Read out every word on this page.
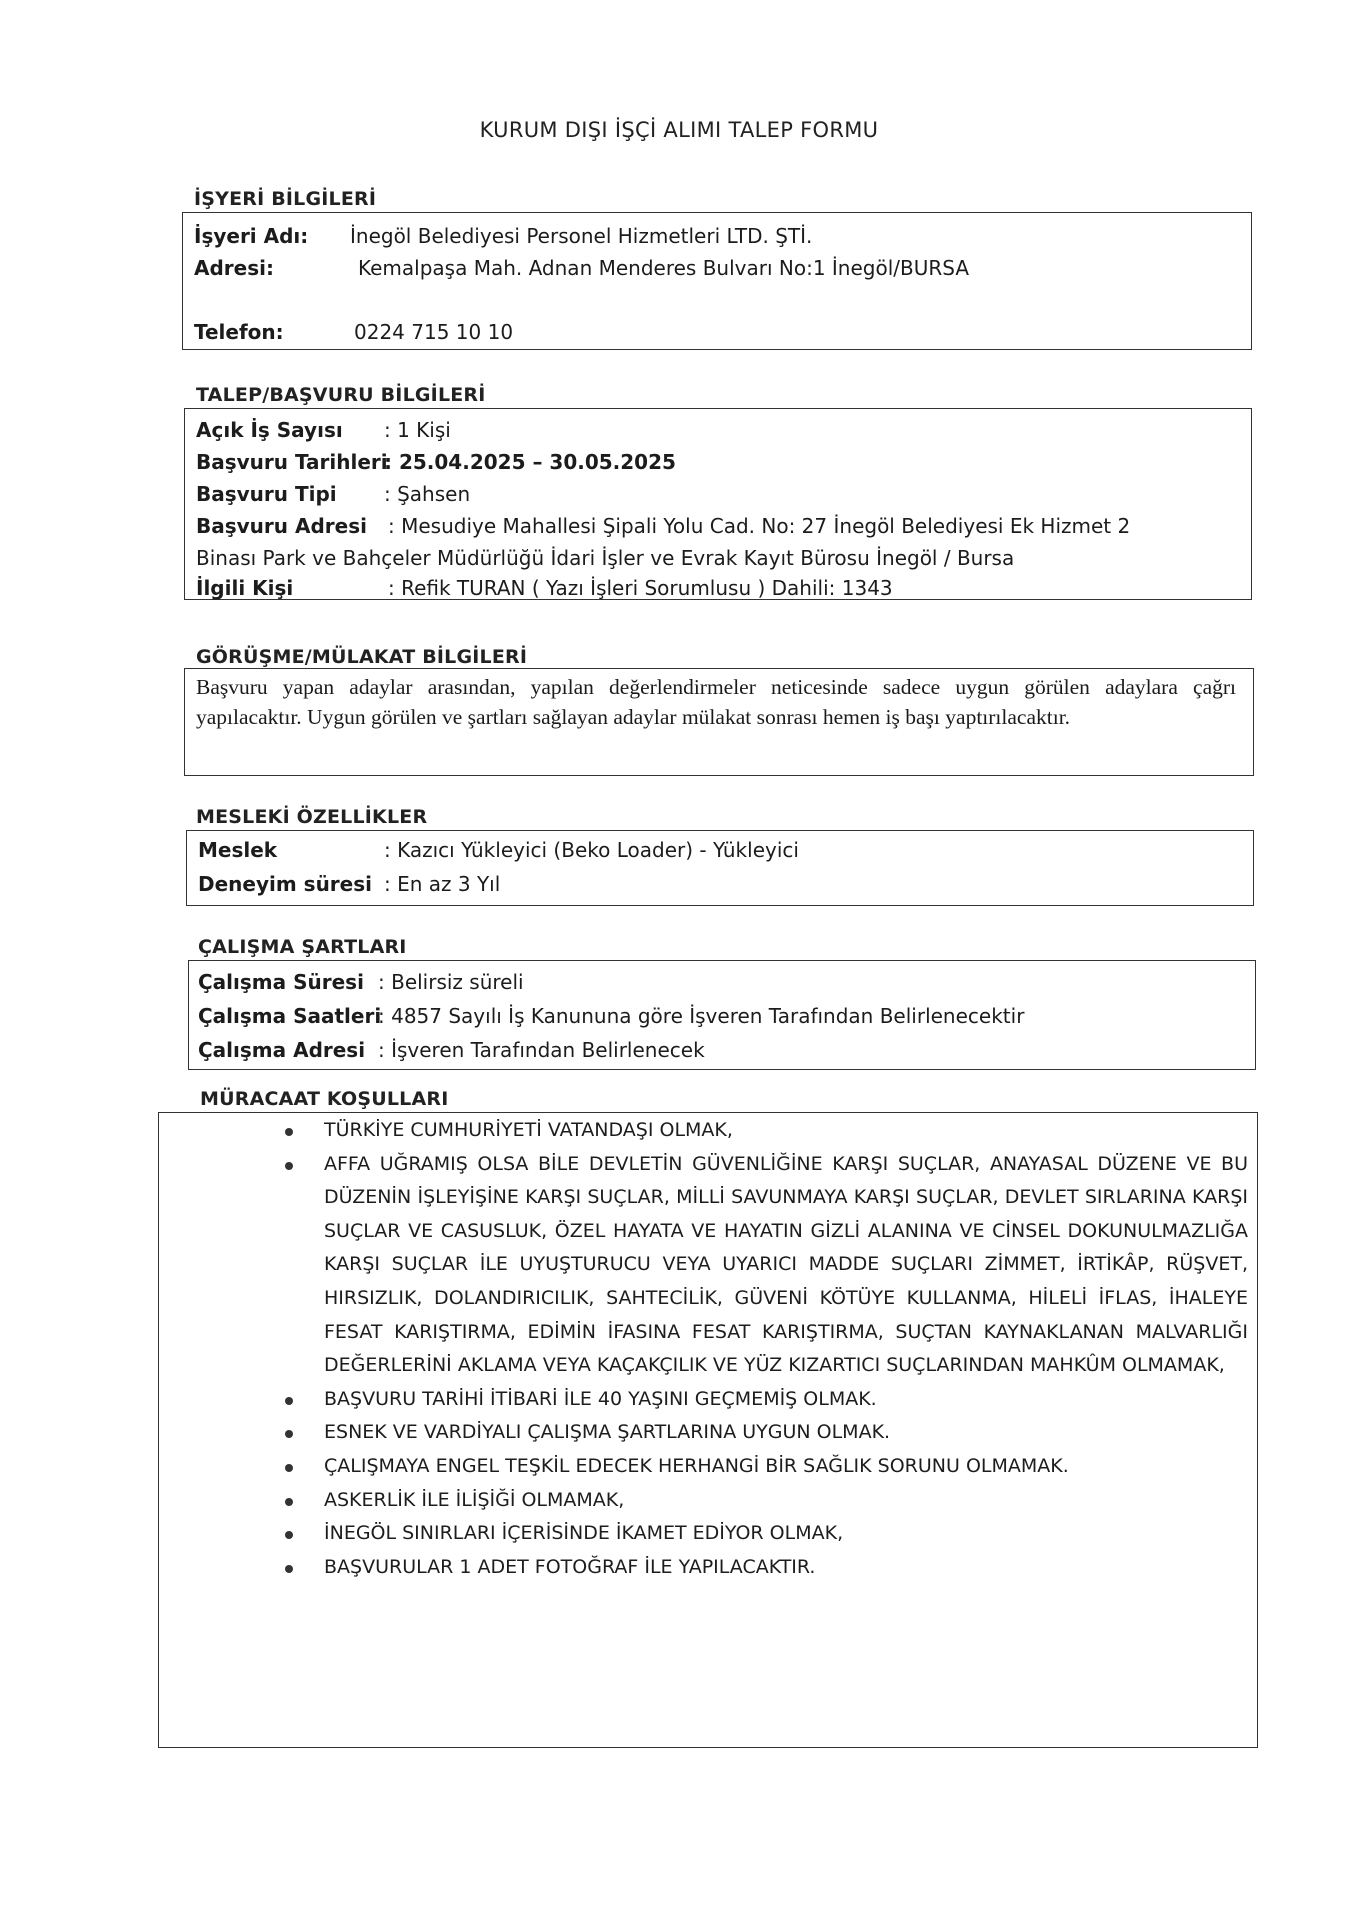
KURUM DIŞI İŞÇİ ALIMI TALEP FORMU
İŞYERİ BİLGİLERİ
İşyeri Adı: İnegöl Belediyesi Personel Hizmetleri LTD. ŞTİ.
Adresi:	Kemalpaşa Mah. Adnan Menderes Bulvarı No:1 İnegöl/BURSA
Telefon:	0224 715 10 10
TALEP/BAŞVURU BİLGİLERİ
Açık İş Sayısı : 1 Kişi
Başvuru Tarihleri: 25.04.2025 – 30.05.2025
Başvuru Tipi : Şahsen
Başvuru Adresi : Mesudiye Mahallesi Şipali Yolu Cad. No: 27 İnegöl Belediyesi Ek Hizmet 2
Binası Park ve Bahçeler Müdürlüğü İdari İşler ve Evrak Kayıt Bürosu İnegöl / Bursa
İlgili Kişi	: Refik TURAN ( Yazı İşleri Sorumlusu ) Dahili: 1343
GÖRÜŞME/MÜLAKAT BİLGİLERİ
Başvuru yapan adaylar arasından, yapılan değerlendirmeler neticesinde sadece uygun görülen adaylara çağrı yapılacaktır. Uygun görülen ve şartları sağlayan adaylar mülakat sonrası hemen iş başı yaptırılacaktır.
MESLEKİ ÖZELLİKLER
Meslek	: Kazıcı Yükleyici (Beko Loader) - Yükleyici
Deneyim süresi : En az 3 Yıl
ÇALIŞMA ŞARTLARI
Çalışma Süresi : Belirsiz süreli
Çalışma Saatleri: 4857 Sayılı İş Kanununa göre İşveren Tarafından Belirlenecektir
Çalışma Adresi : İşveren Tarafından Belirlenecek
MÜRACAAT KOŞULLARI
TÜRKİYE CUMHURİYETİ VATANDAŞI OLMAK,
AFFA UĞRAMIŞ OLSA BİLE DEVLETİN GÜVENLİĞİNE KARŞI SUÇLAR, ANAYASAL DÜZENE VE BU DÜZENİN İŞLEYİŞİNE KARŞI SUÇLAR, MİLLİ SAVUNMAYA KARŞI SUÇLAR, DEVLET SIRLARINA KARŞI SUÇLAR VE CASUSLUK, ÖZEL HAYATA VE HAYATIN GİZLİ ALANINA VE CİNSEL DOKUNULMAZLIĞA KARŞI SUÇLAR İLE UYUŞTURUCU VEYA UYARICI MADDE SUÇLARI ZİMMET, İRTİKÂP, RÜŞVET, HIRSIZLIK, DOLANDIRICILIK, SAHTECİLİK, GÜVENİ KÖTÜYE KULLANMA, HİLELİ İFLAS, İHALEYE FESAT KARIŞTIRMA, EDİMİN İFASINA FESAT KARIŞTIRMA, SUÇTAN KAYNAKLANAN MALVARLIĞI DEĞERLERİNİ AKLAMA VEYA KAÇAKÇILIK VE YÜZ KIZARTICI SUÇLARINDAN MAHKÛM OLMAMAK,
BAŞVURU TARİHİ İTİBARİ İLE 40 YAŞINI GEÇMEMİŞ OLMAK.
ESNEK VE VARDİYALI ÇALIŞMA ŞARTLARINA UYGUN OLMAK.
ÇALIŞMAYA ENGEL TEŞKİL EDECEK HERHANGİ BİR SAĞLIK SORUNU OLMAMAK.
ASKERLİK İLE İLİŞİĞİ OLMAMAK,
İNEGÖL SINIRLARI İÇERİSİNDE İKAMET EDİYOR OLMAK,
BAŞVURULAR 1 ADET FOTOĞRAF İLE YAPILACAKTIR.
